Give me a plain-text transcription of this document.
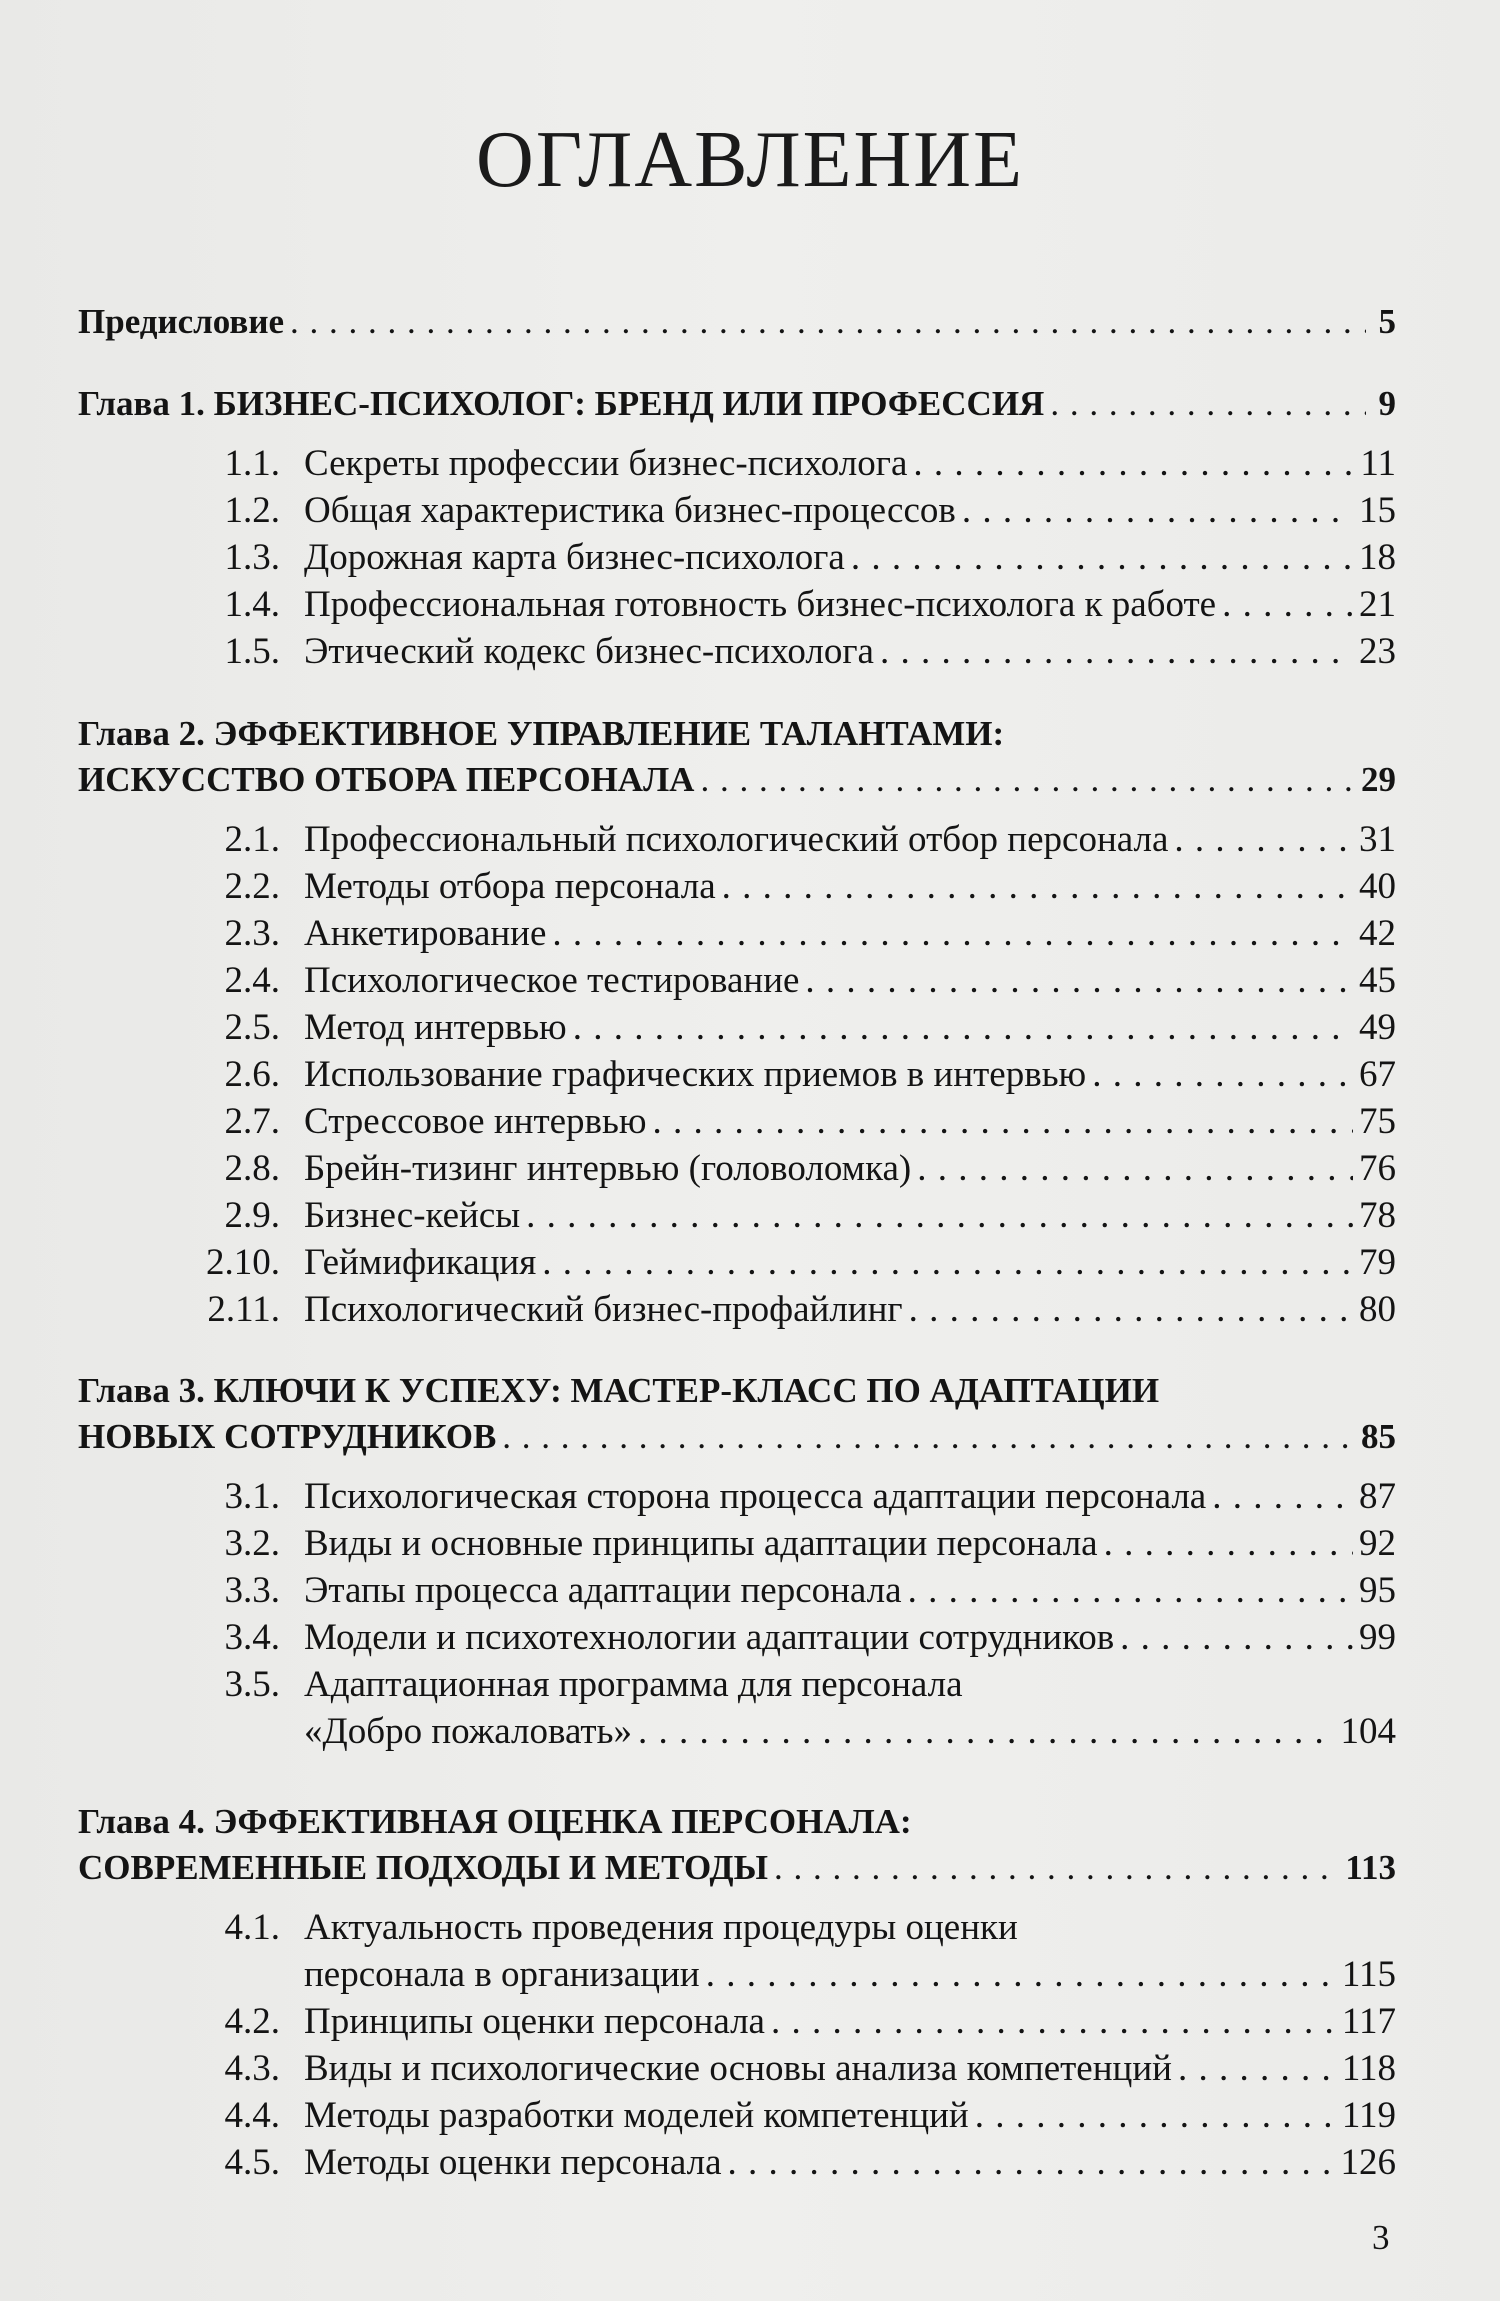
ОГЛАВЛЕНИЕ
Предисловие . . .	5
Глава 1. БИЗНЕС-ПСИХОЛОГ: БРЕНД ИЛИ ПРОФЕССИЯ . . .	9
1.1. Секреты профессии бизнес-психолога . . .	11
1.2. Общая характеристика бизнес-процессов . . .	15
1.3. Дорожная карта бизнес-психолога . . .	18
1.4. Профессиональная готовность бизнес-психолога к работе . . .	21
1.5. Этический кодекс бизнес-психолога . . .	23
Глава 2. ЭФФЕКТИВНОЕ УПРАВЛЕНИЕ ТАЛАНТАМИ:
ИСКУССТВО ОТБОРА ПЕРСОНАЛА . . .	29
2.1. Профессиональный психологический отбор персонала . . .	31
2.2. Методы отбора персонала . . .	40
2.3. Анкетирование . . .	42
2.4. Психологическое тестирование . . .	45
2.5. Метод интервью . . .	49
2.6. Использование графических приемов в интервью . . .	67
2.7. Стрессовое интервью . . .	75
2.8. Брейн-тизинг интервью (головоломка) . . .	76
2.9. Бизнес-кейсы . . .	78
2.10. Геймификация . . .	79
2.11. Психологический бизнес-профайлинг . . .	80
Глава 3. КЛЮЧИ К УСПЕХУ: МАСТЕР-КЛАСС ПО АДАПТАЦИИ
НОВЫХ СОТРУДНИКОВ . . .	85
3.1. Психологическая сторона процесса адаптации персонала . . .	87
3.2. Виды и основные принципы адаптации персонала . . .	92
3.3. Этапы процесса адаптации персонала . . .	95
3.4. Модели и психотехнологии адаптации сотрудников . . .	99
3.5. Адаптационная программа для персонала
«Добро пожаловать» . . .	104
Глава 4. ЭФФЕКТИВНАЯ ОЦЕНКА ПЕРСОНАЛА:
СОВРЕМЕННЫЕ ПОДХОДЫ И МЕТОДЫ . . .	113
4.1. Актуальность проведения процедуры оценки
персонала в организации . . .	115
4.2. Принципы оценки персонала . . .	117
4.3. Виды и психологические основы анализа компетенций . . .	118
4.4. Методы разработки моделей компетенций . . .	119
4.5. Методы оценки персонала . . .	126
3
